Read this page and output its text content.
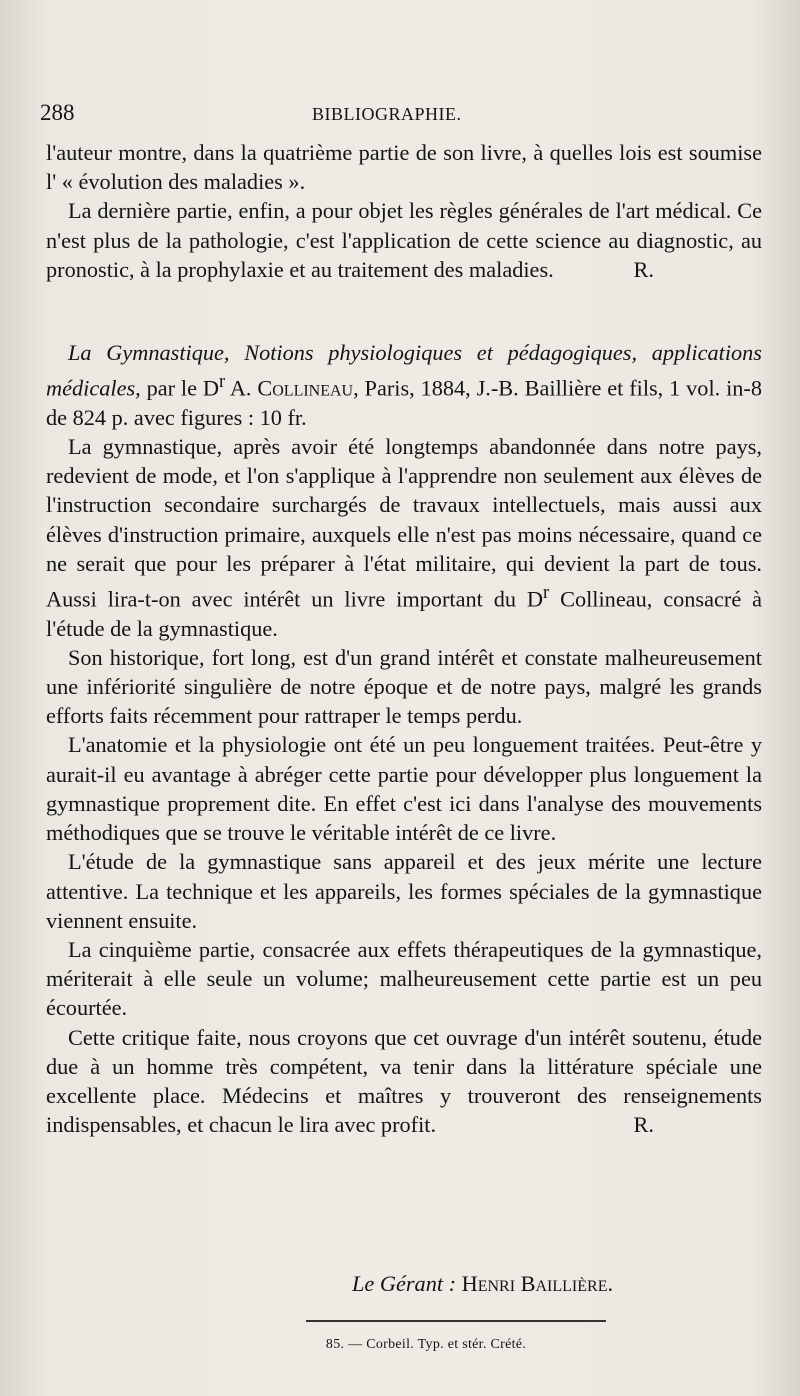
288	BIBLIOGRAPHIE.

l'auteur montre, dans la quatrième partie de son livre, à quelles lois est soumise l' « évolution des maladies ».

La dernière partie, enfin, a pour objet les règles générales de l'art médical. Ce n'est plus de la pathologie, c'est l'application de cette science au diagnostic, au pronostic, à la prophylaxie et au traitement des maladies.	R.

La Gymnastique, Notions physiologiques et pédagogiques, applications médicales, par le $D^r$ A. Collineau, Paris, 1884, J.-B. Baillière et fils, 1 vol. in-8 de 824 p. avec figures : 10 fr.

La gymnastique, après avoir été longtemps abandonnée dans notre pays, redevient de mode, et l'on s'applique à l'apprendre non seulement aux élèves de l'instruction secondaire surchargés de travaux intellectuels, mais aussi aux élèves d'instruction primaire, auxquels elle n'est pas moins nécessaire, quand ce ne serait que pour les préparer à l'état militaire, qui devient la part de tous. Aussi lira-t-on avec intérêt un livre important du $D^r$ Collineau, consacré à l'étude de la gymnastique.

Son historique, fort long, est d'un grand intérêt et constate malheureusement une infériorité singulière de notre époque et de notre pays, malgré les grands efforts faits récemment pour rattraper le temps perdu.

L'anatomie et la physiologie ont été un peu longuement traitées. Peut-être y aurait-il eu avantage à abréger cette partie pour développer plus longuement la gymnastique proprement dite. En effet c'est ici dans l'analyse des mouvements méthodiques que se trouve le véritable intérêt de ce livre.

L'étude de la gymnastique sans appareil et des jeux mérite une lecture attentive. La technique et les appareils, les formes spéciales de la gymnastique viennent ensuite.

La cinquième partie, consacrée aux effets thérapeutiques de la gymnastique, mériterait à elle seule un volume; malheureusement cette partie est un peu écourtée.

Cette critique faite, nous croyons que cet ouvrage d'un intérêt soutenu, étude due à un homme très compétent, va tenir dans la littérature spéciale une excellente place. Médecins et maîtres y trouveront des renseignements indispensables, et chacun le lira avec profit.	R.

Le Gérant : Henri Baillière.
85. — Corbeil. Typ. et stér. Crété.
